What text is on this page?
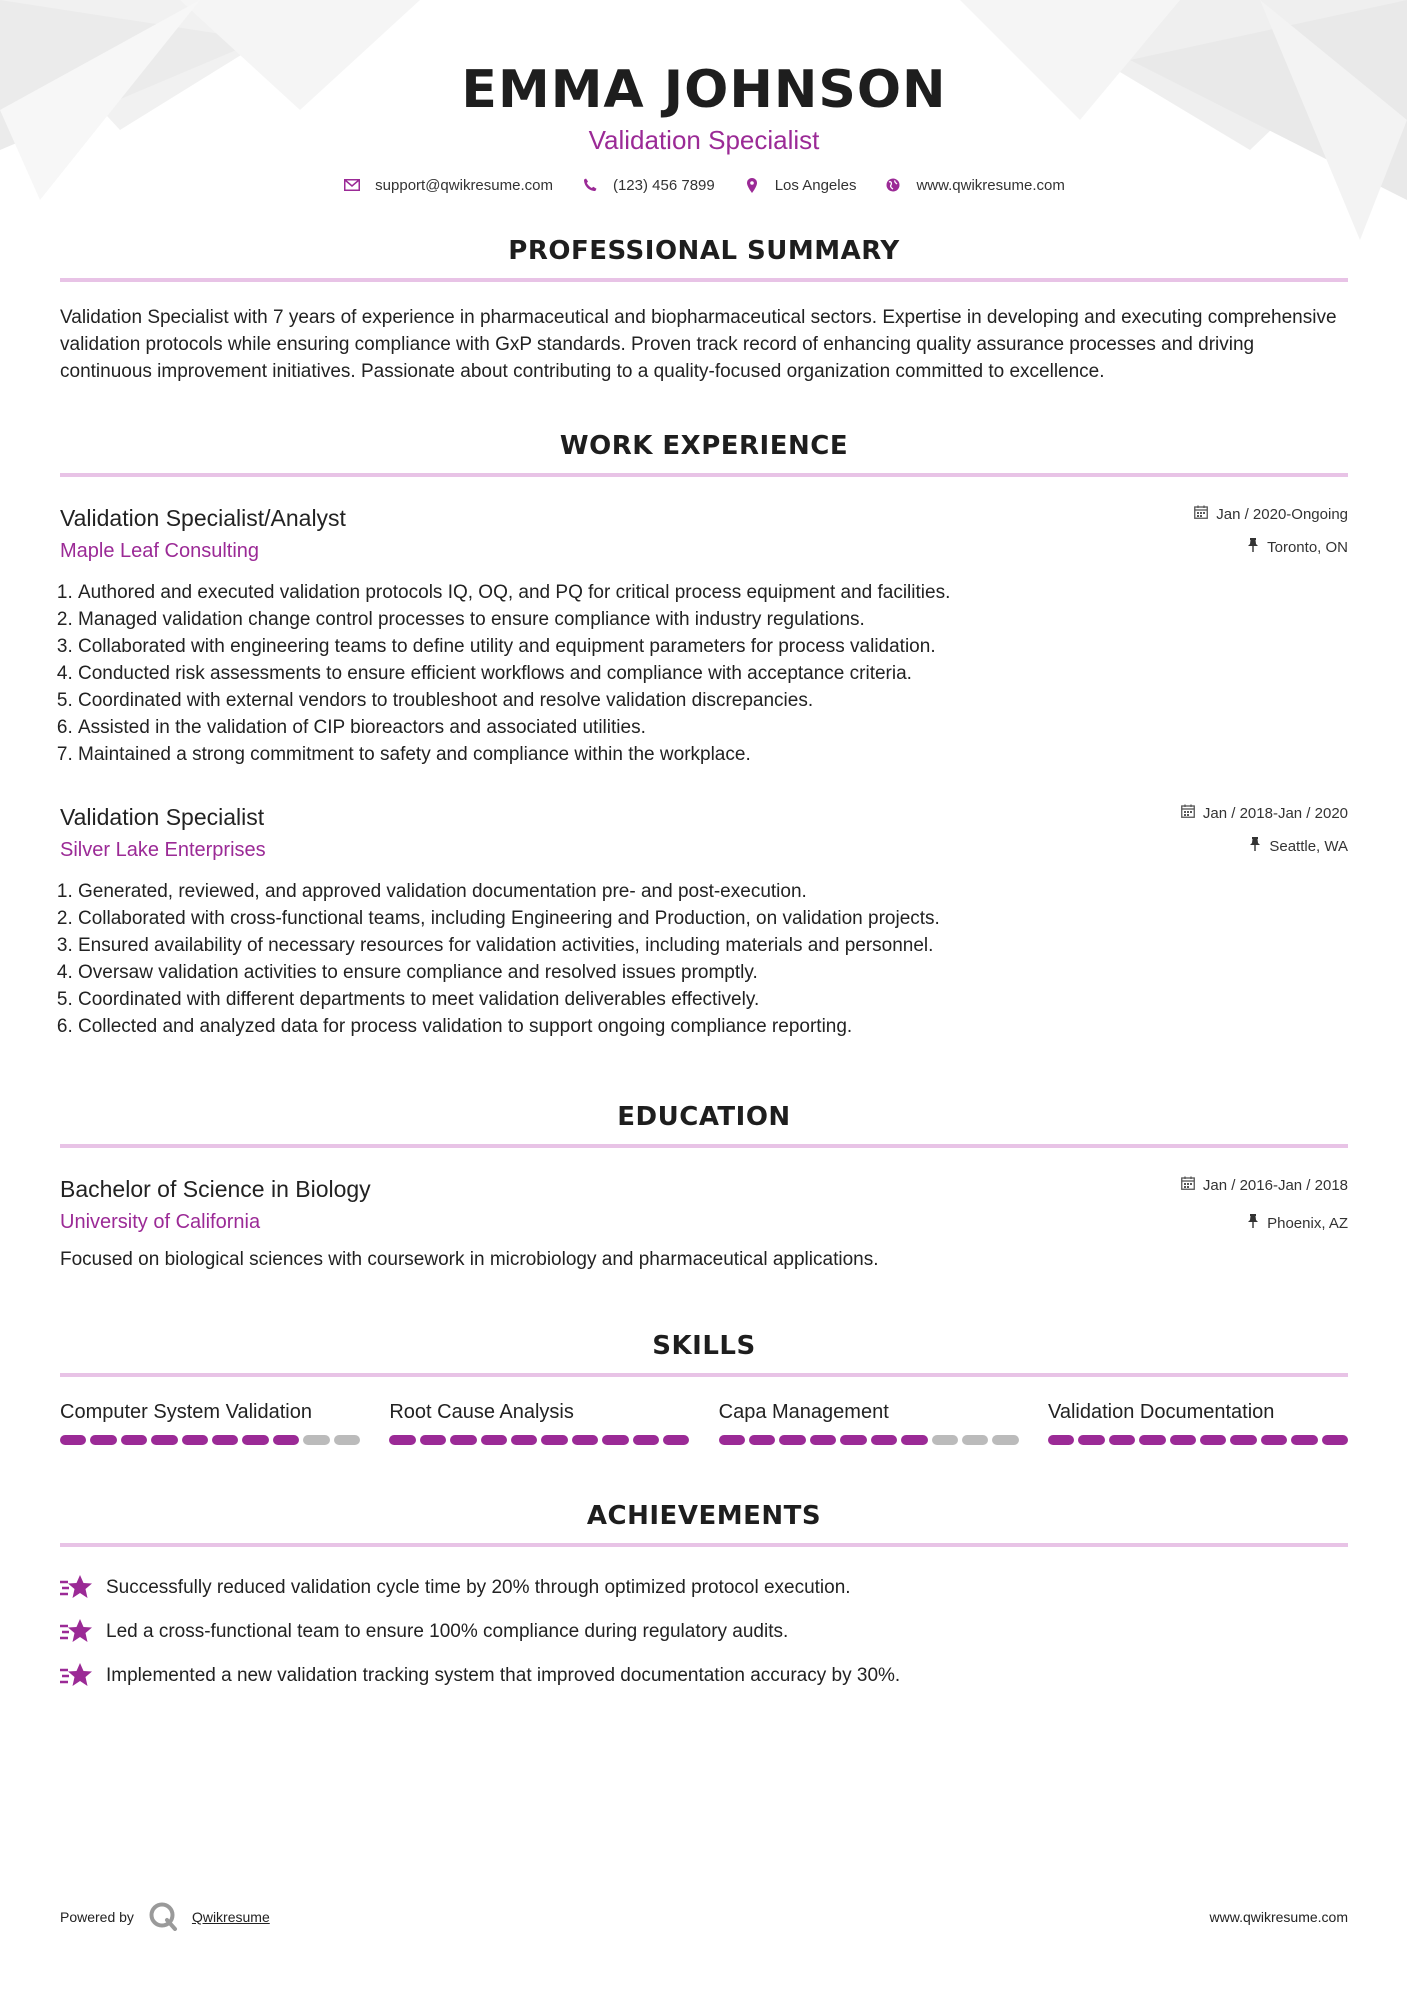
EMMA JOHNSON
Validation Specialist
support@qwikresume.com	(123) 456 7899	Los Angeles	www.qwikresume.com
PROFESSIONAL SUMMARY

Validation Specialist with 7 years of experience in pharmaceutical and biopharmaceutical sectors. Expertise in developing and executing comprehensive validation protocols while ensuring compliance with GxP standards. Proven track record of enhancing quality assurance processes and driving continuous improvement initiatives. Passionate about contributing to a quality-focused organization committed to excellence.

WORK EXPERIENCE
Validation Specialist/Analyst
Maple Leaf Consulting
Jan / 2020-Ongoing
Toronto, ON
1. Authored and executed validation protocols IQ, OQ, and PQ for critical process equipment and facilities.
2. Managed validation change control processes to ensure compliance with industry regulations.
3. Collaborated with engineering teams to define utility and equipment parameters for process validation.
4. Conducted risk assessments to ensure efficient workflows and compliance with acceptance criteria.
5. Coordinated with external vendors to troubleshoot and resolve validation discrepancies.
6. Assisted in the validation of CIP bioreactors and associated utilities.
7. Maintained a strong commitment to safety and compliance within the workplace.
Validation Specialist
Silver Lake Enterprises
Jan / 2018-Jan / 2020
Seattle, WA
1. Generated, reviewed, and approved validation documentation pre- and post-execution.
2. Collaborated with cross-functional teams, including Engineering and Production, on validation projects.
3. Ensured availability of necessary resources for validation activities, including materials and personnel.
4. Oversaw validation activities to ensure compliance and resolved issues promptly.
5. Coordinated with different departments to meet validation deliverables effectively.
6. Collected and analyzed data for process validation to support ongoing compliance reporting.
EDUCATION
Bachelor of Science in Biology
University of California
Jan / 2016-Jan / 2018
Phoenix, AZ

Focused on biological sciences with coursework in microbiology and pharmaceutical applications.

SKILLS
Computer System Validation	Root Cause Analysis	Capa Management	Validation Documentation
ACHIEVEMENTS
Successfully reduced validation cycle time by 20% through optimized protocol execution.
Led a cross-functional team to ensure 100% compliance during regulatory audits.
Implemented a new validation tracking system that improved documentation accuracy by 30%.
Powered by	Qwikresume	www.qwikresume.com
